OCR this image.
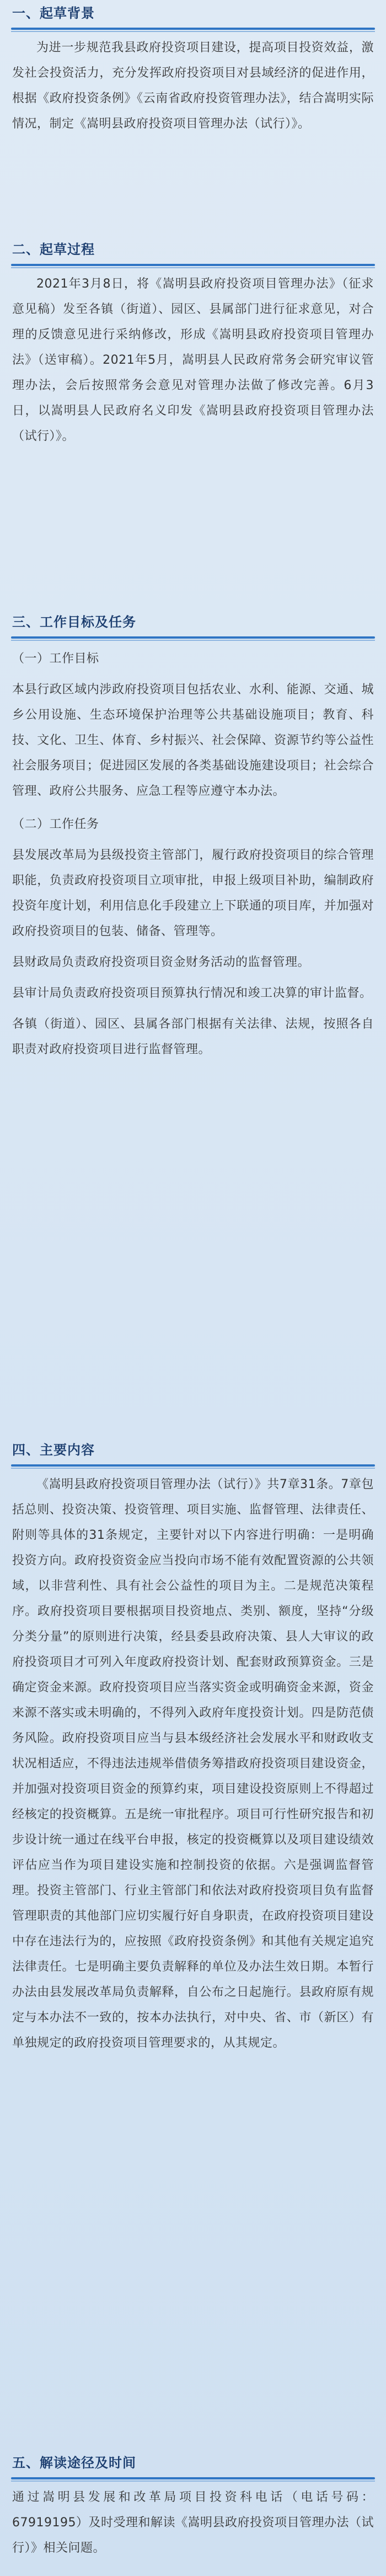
一、起草背景
为进一步规范我县政府投资项目建设，提高项目投资效益，激发社会投资活力，充分发挥政府投资项目对县域经济的促进作用，根据《政府投资条例》《云南省政府投资管理办法》，结合嵩明实际情况，制定《嵩明县政府投资项目管理办法（试行）》。
二、起草过程
2021年3月8日，将《嵩明县政府投资项目管理办法》（征求意见稿）发至各镇（街道）、园区、县属部门进行征求意见，对合理的反馈意见进行采纳修改，形成《嵩明县政府投资项目管理办法》（送审稿）。2021年5月，嵩明县人民政府常务会研究审议管理办法，会后按照常务会意见对管理办法做了修改完善。6月3日，以嵩明县人民政府名义印发《嵩明县政府投资项目管理办法（试行）》。
三、工作目标及任务
（一）工作目标
本县行政区域内涉政府投资项目包括农业、水利、能源、交通、城乡公用设施、生态环境保护治理等公共基础设施项目；教育、科技、文化、卫生、体育、乡村振兴、社会保障、资源节约等公益性社会服务项目；促进园区发展的各类基础设施建设项目；社会综合管理、政府公共服务、应急工程等应遵守本办法。
（二）工作任务
县发展改革局为县级投资主管部门，履行政府投资项目的综合管理职能，负责政府投资项目立项审批，申报上级项目补助，编制政府投资年度计划，利用信息化手段建立上下联通的项目库，并加强对政府投资项目的包装、储备、管理等。
县财政局负责政府投资项目资金财务活动的监督管理。
县审计局负责政府投资项目预算执行情况和竣工决算的审计监督。
各镇（街道）、园区、县属各部门根据有关法律、法规，按照各自职责对政府投资项目进行监督管理。
四、主要内容
《嵩明县政府投资项目管理办法（试行）》共7章31条。7章包括总则、投资决策、投资管理、项目实施、监督管理、法律责任、附则等具体的31条规定，主要针对以下内容进行明确：一是明确投资方向。政府投资资金应当投向市场不能有效配置资源的公共领域，以非营利性、具有社会公益性的项目为主。二是规范决策程序。政府投资项目要根据项目投资地点、类别、额度，坚持“分级分类分量”的原则进行决策，经县委县政府决策、县人大审议的政府投资项目才可列入年度政府投资计划、配套财政预算资金。三是确定资金来源。政府投资项目应当落实资金或明确资金来源，资金来源不落实或未明确的，不得列入政府年度投资计划。四是防范债务风险。政府投资项目应当与县本级经济社会发展水平和财政收支状况相适应，不得违法违规举借债务筹措政府投资项目建设资金，并加强对投资项目资金的预算约束，项目建设投资原则上不得超过经核定的投资概算。五是统一审批程序。项目可行性研究报告和初步设计统一通过在线平台申报，核定的投资概算以及项目建设绩效评估应当作为项目建设实施和控制投资的依据。六是强调监督管理。投资主管部门、行业主管部门和依法对政府投资项目负有监督管理职责的其他部门应切实履行好自身职责，在政府投资项目建设中存在违法行为的，应按照《政府投资条例》和其他有关规定追究法律责任。七是明确主要负责解释的单位及办法生效日期。本暂行办法由县发展改革局负责解释，自公布之日起施行。县政府原有规定与本办法不一致的，按本办法执行，对中央、省、市（新区）有单独规定的政府投资项目管理要求的，从其规定。
五、解读途径及时间
通过嵩明县发展和改革局项目投资科电话（电话号码：67919195）及时受理和解读《嵩明县政府投资项目管理办法（试行）》相关问题。
